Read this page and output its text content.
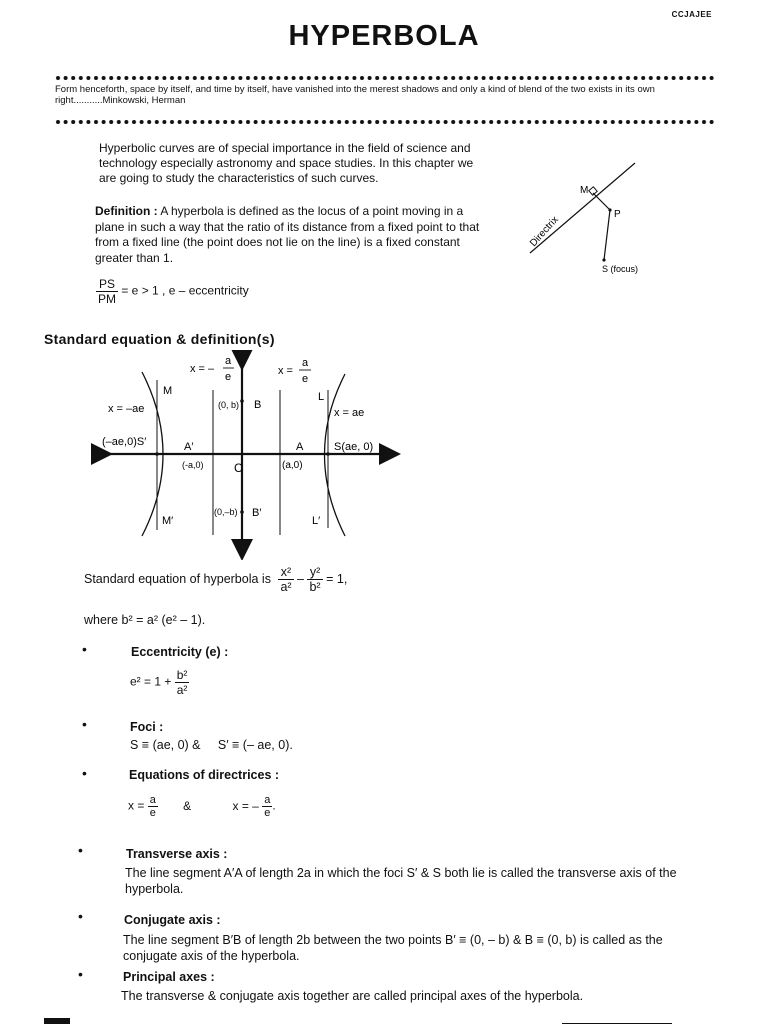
CCJAJEE
HYPERBOLA
Form henceforth, space by itself, and time by itself, have vanished into the merest shadows and only a kind of blend of the two exists in its own right...........Minkowski, Herman
Hyperbolic curves are of special importance in the field of science and technology especially astronomy and space studies. In this chapter we are going to study the characteristics of such curves.
Definition : A hyperbola is defined as the locus of a point moving in a plane in such a way that the ratio of its distance from a fixed point to that from a fixed line (the point does not lie on the line) is a fixed constant greater than 1.
$\frac{PS}{PM} = e > 1$ , e – eccentricity
Directrix
M
P
S (focus)
Standard equation & definition(s)
x = –
a
e	x =
a
e
x = –ae	x = ae
M
M′
L
L′
(0, b) B
(0,–b) B′
(–ae,0)S′	A′
(-a,0)	C
A
(a,0)
S(ae, 0)
Standard equation of hyperbola is $\frac{\text{x²}}{\text{a²}} - \frac{\text{y²}}{\text{b²}} = 1$,
where b² = a² (e² – 1).
•	Eccentricity (e) :
$e^2 = 1 + \frac{\text{b²}}{\text{a²}}$
•	Foci :
S ≡ (ae, 0) &     S′ ≡ (– ae, 0).
•	Equations of directrices :
$x = \frac{a}{e}$ &	x = – $\frac{a}{e}$ .
•	Transverse axis :
The line segment A′A of length 2a in which the foci S′ & S both lie is called the transverse axis of the hyperbola.
•	Conjugate axis :
The line segment B′B of length 2b between the two points B′ ≡ (0, – b) & B ≡ (0, b) is called as the conjugate axis of the hyperbola.
•	Principal axes :
The transverse & conjugate axis together are called principal axes of the hyperbola.
